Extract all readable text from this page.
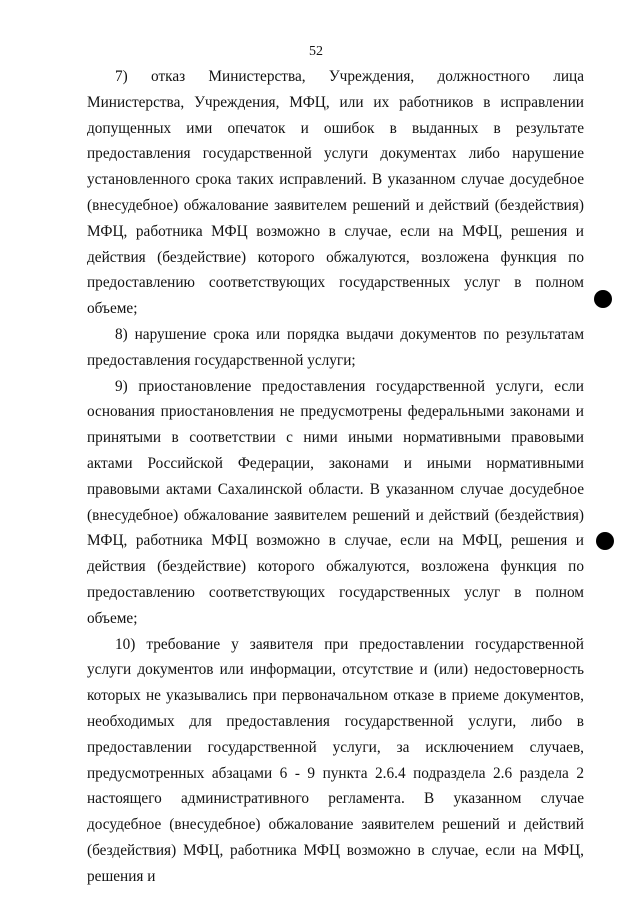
52

7) отказ Министерства, Учреждения, должностного лица Министерства, Учреждения, МФЦ, или их работников в исправлении допущенных ими опечаток и ошибок в выданных в результате предоставления государственной услуги документах либо нарушение установленного срока таких исправлений. В указанном случае досудебное (внесудебное) обжалование заявителем решений и действий (бездействия) МФЦ, работника МФЦ возможно в случае, если на МФЦ, решения и действия (бездействие) которого обжалуются, возложена функция по предоставлению соответствующих государственных услуг в полном объеме;

8) нарушение срока или порядка выдачи документов по результатам предоставления государственной услуги;

9) приостановление предоставления государственной услуги, если основания приостановления не предусмотрены федеральными законами и принятыми в соответствии с ними иными нормативными правовыми актами Российской Федерации, законами и иными нормативными правовыми актами Сахалинской области. В указанном случае досудебное (внесудебное) обжалование заявителем решений и действий (бездействия) МФЦ, работника МФЦ возможно в случае, если на МФЦ, решения и действия (бездействие) которого обжалуются, возложена функция по предоставлению соответствующих государственных услуг в полном объеме;

10) требование у заявителя при предоставлении государственной услуги документов или информации, отсутствие и (или) недостоверность которых не указывались при первоначальном отказе в приеме документов, необходимых для предоставления государственной услуги, либо в предоставлении государственной услуги, за исключением случаев, предусмотренных абзацами 6 - 9 пункта 2.6.4 подраздела 2.6 раздела 2 настоящего административного регламента. В указанном случае досудебное (внесудебное) обжалование заявителем решений и действий (бездействия) МФЦ, работника МФЦ возможно в случае, если на МФЦ, решения и
